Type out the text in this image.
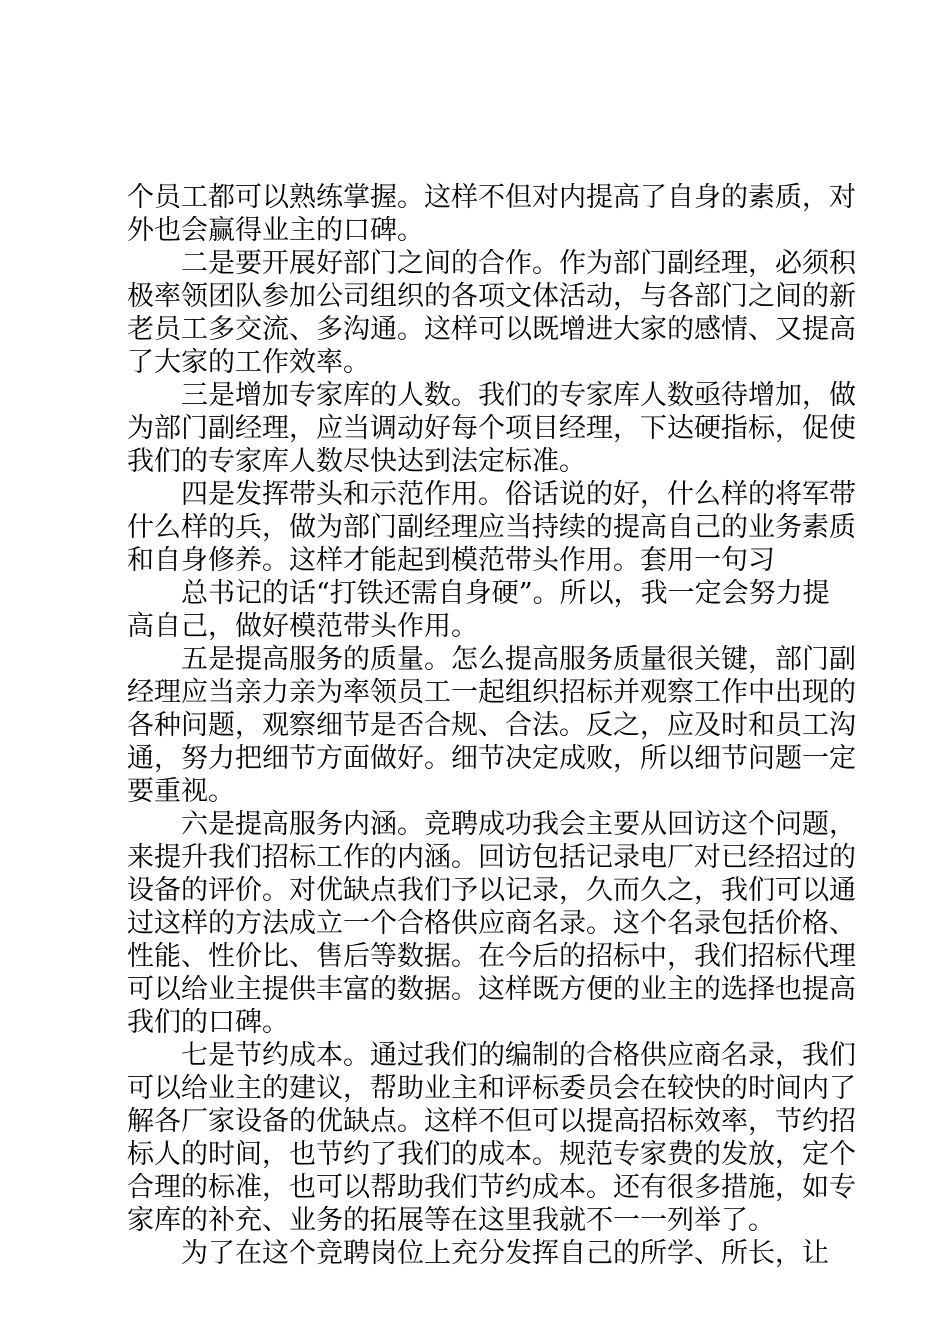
个员工都可以熟练掌握。这样不但对内提高了自身的素质，对
外也会赢得业主的口碑。
二是要开展好部门之间的合作。作为部门副经理，必须积
极率领团队参加公司组织的各项文体活动，与各部门之间的新
老员工多交流、多沟通。这样可以既增进大家的感情、又提高
了大家的工作效率。
三是增加专家库的人数。我们的专家库人数亟待增加，做
为部门副经理，应当调动好每个项目经理，下达硬指标，促使
我们的专家库人数尽快达到法定标准。
四是发挥带头和示范作用。俗话说的好，什么样的将军带
什么样的兵，做为部门副经理应当持续的提高自己的业务素质
和自身修养。这样才能起到模范带头作用。套用一句习
总书记的话“打铁还需自身硬”。所以，我一定会努力提
高自己，做好模范带头作用。
五是提高服务的质量。怎么提高服务质量很关键，部门副
经理应当亲力亲为率领员工一起组织招标并观察工作中出现的
各种问题，观察细节是否合规、合法。反之，应及时和员工沟
通，努力把细节方面做好。细节决定成败，所以细节问题一定
要重视。
六是提高服务内涵。竞聘成功我会主要从回访这个问题，
来提升我们招标工作的内涵。回访包括记录电厂对已经招过的
设备的评价。对优缺点我们予以记录，久而久之，我们可以通
过这样的方法成立一个合格供应商名录。这个名录包括价格、
性能、性价比、售后等数据。在今后的招标中，我们招标代理
可以给业主提供丰富的数据。这样既方便的业主的选择也提高
我们的口碑。
七是节约成本。通过我们的编制的合格供应商名录，我们
可以给业主的建议，帮助业主和评标委员会在较快的时间内了
解各厂家设备的优缺点。这样不但可以提高招标效率，节约招
标人的时间，也节约了我们的成本。规范专家费的发放，定个
合理的标准，也可以帮助我们节约成本。还有很多措施，如专
家库的补充、业务的拓展等在这里我就不一一列举了。
为了在这个竞聘岗位上充分发挥自己的所学、所长，让
